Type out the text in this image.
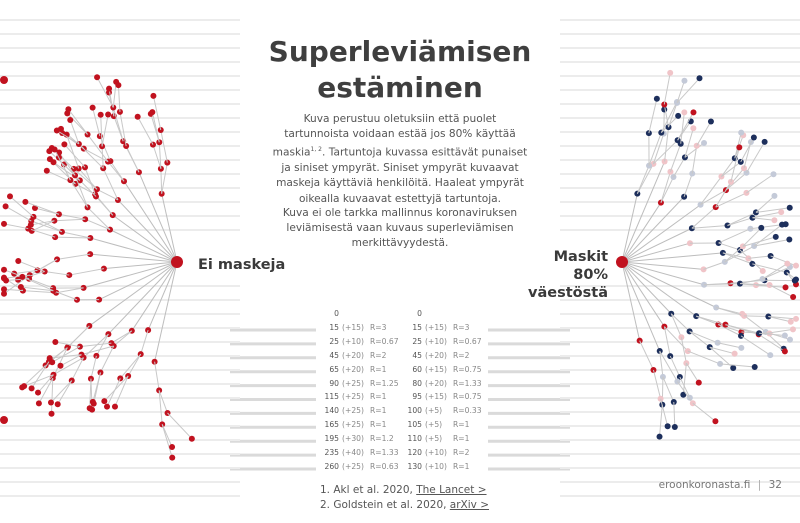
Superleviämisen
estäminen
Kuva perustuu oletuksiin että puolet
tartunnoista voidaan estää jos 80% käyttää
maskia$^{1, 2}$. Tartuntoja kuvassa esittävät punaiset
ja siniset ympyrät. Siniset ympyrät kuvaavat
maskeja käyttäviä henkilöitä. Haaleat ympyrät
oikealla kuvaavat estettyjä tartuntoja.
Kuva ei ole tarkka mallinnus koronaviruksen
leviämisestä vaan kuvaus superleviämisen
merkittävyydestä.
Ei maskeja	Maskit 80%
väestöstä
0
15 (+15) R=3
25 (+10) R=0.67
45 (+20) R=2
65 (+20) R=1
90 (+25) R=1.25
115 (+25) R=1
140 (+25) R=1
165 (+25) R=1
195 (+30) R=1.2
235 (+40) R=1.33
260 (+25) R=0.63
0
15 (+15) R=3
25 (+10) R=0.67
45 (+20) R=2
60 (+15) R=0.75
80 (+20) R=1.33
95 (+15) R=0.75
100 (+5) R=0.33
105 (+5) R=1
110 (+5) R=1
120 (+10) R=2
130 (+10) R=1
1. Akl et al. 2020, The Lancet >
2. Goldstein et al. 2020, arXiv >
eroonkoronasta.fi | 32
